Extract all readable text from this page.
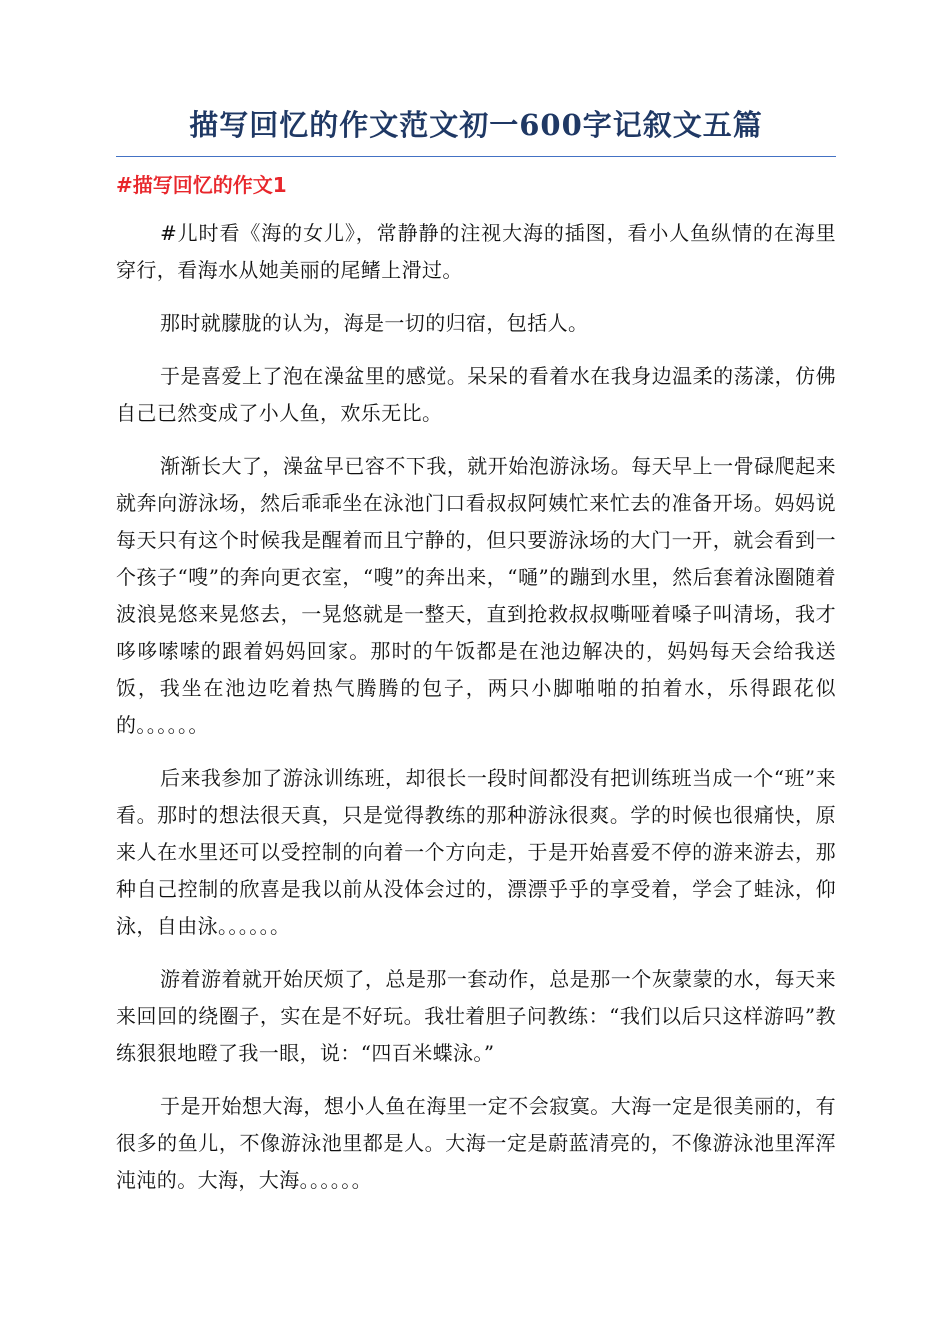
描写回忆的作文范文初一600字记叙文五篇
#描写回忆的作文1

#儿时看《海的女儿》，常静静的注视大海的插图，看小人鱼纵情的在海里穿行，看海水从她美丽的尾鳍上滑过。

那时就朦胧的认为，海是一切的归宿，包括人。

于是喜爱上了泡在澡盆里的感觉。呆呆的看着水在我身边温柔的荡漾，仿佛自己已然变成了小人鱼，欢乐无比。

渐渐长大了，澡盆早已容不下我，就开始泡游泳场。每天早上一骨碌爬起来就奔向游泳场，然后乖乖坐在泳池门口看叔叔阿姨忙来忙去的准备开场。妈妈说每天只有这个时候我是醒着而且宁静的，但只要游泳场的大门一开，就会看到一个孩子“嗖”的奔向更衣室，“嗖”的奔出来，“嗵”的蹦到水里，然后套着泳圈随着波浪晃悠来晃悠去，一晃悠就是一整天，直到抢救叔叔嘶哑着嗓子叫清场，我才哆哆嗦嗦的跟着妈妈回家。那时的午饭都是在池边解决的，妈妈每天会给我送饭，我坐在池边吃着热气腾腾的包子，两只小脚啪啪的拍着水，乐得跟花似的。。。。。。

后来我参加了游泳训练班，却很长一段时间都没有把训练班当成一个“班”来看。那时的想法很天真，只是觉得教练的那种游泳很爽。学的时候也很痛快，原来人在水里还可以受控制的向着一个方向走，于是开始喜爱不停的游来游去，那种自己控制的欣喜是我以前从没体会过的，漂漂乎乎的享受着，学会了蛙泳，仰泳，自由泳。。。。。。

游着游着就开始厌烦了，总是那一套动作，总是那一个灰蒙蒙的水，每天来来回回的绕圈子，实在是不好玩。我壮着胆子问教练：“我们以后只这样游吗”教练狠狠地瞪了我一眼，说：“四百米蝶泳。”

于是开始想大海，想小人鱼在海里一定不会寂寞。大海一定是很美丽的，有很多的鱼儿，不像游泳池里都是人。大海一定是蔚蓝清亮的，不像游泳池里浑浑沌沌的。大海，大海。。。。。。
